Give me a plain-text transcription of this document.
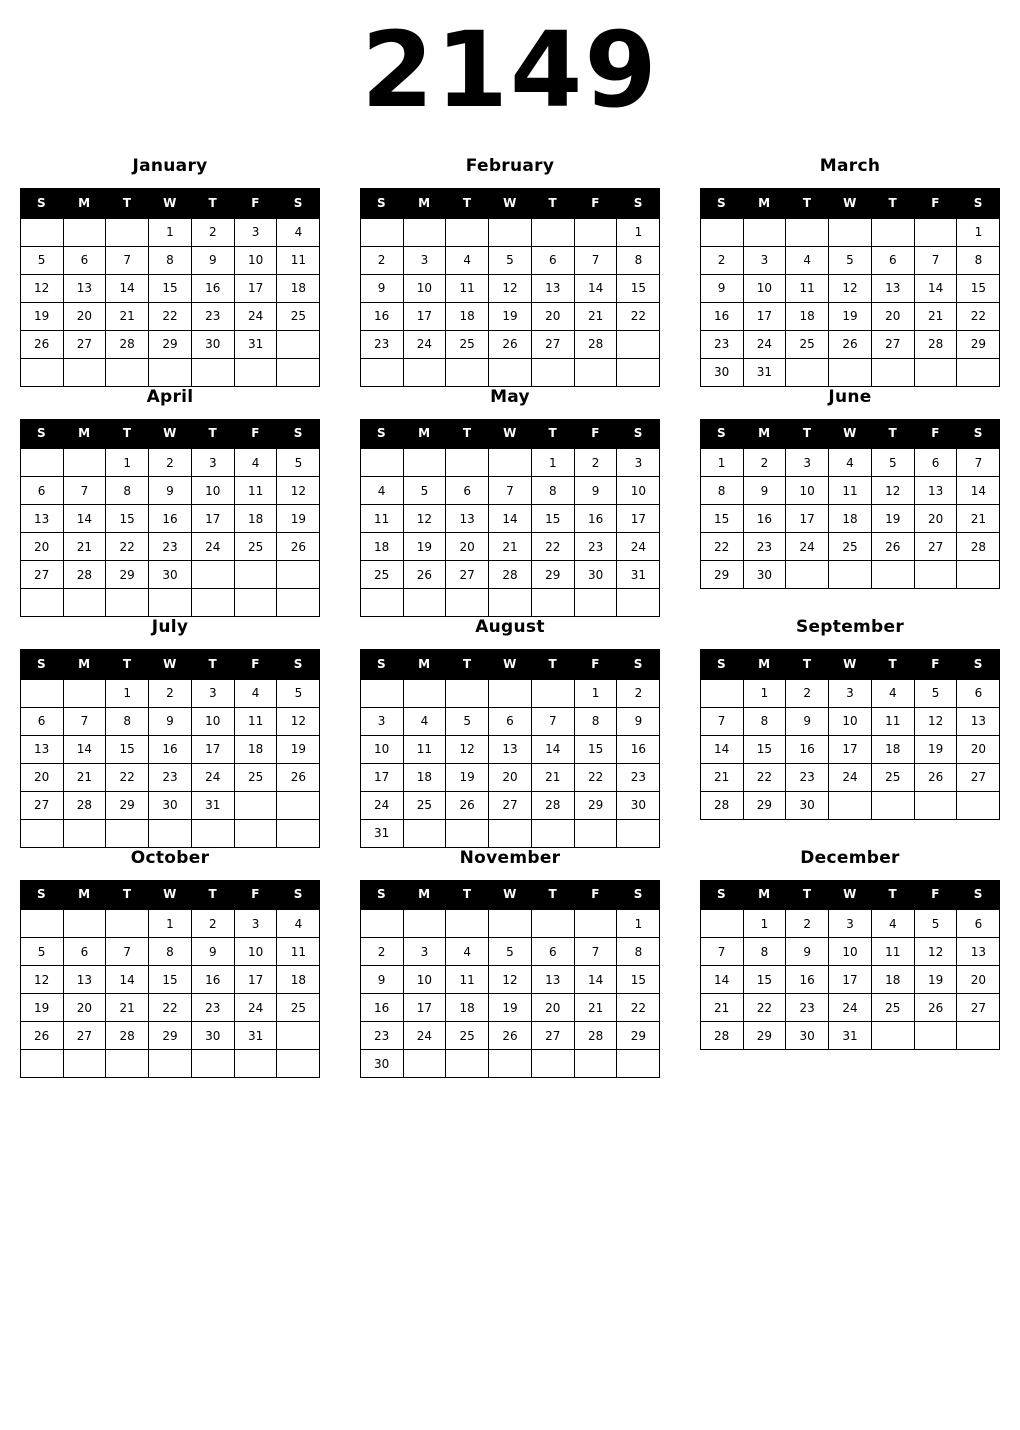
2149
January
S	M	T	W	T	F	S
			1	2	3	4
5	6	7	8	9	10	11
12	13	14	15	16	17	18
19	20	21	22	23	24	25
26	27	28	29	30	31	

February
S	M	T	W	T	F	S
						1
2	3	4	5	6	7	8
9	10	11	12	13	14	15
16	17	18	19	20	21	22
23	24	25	26	27	28	

March
S	M	T	W	T	F	S
						1
2	3	4	5	6	7	8
9	10	11	12	13	14	15
16	17	18	19	20	21	22
23	24	25	26	27	28	29
30	31					
April
S	M	T	W	T	F	S
		1	2	3	4	5
6	7	8	9	10	11	12
13	14	15	16	17	18	19
20	21	22	23	24	25	26
27	28	29	30			

May
S	M	T	W	T	F	S
				1	2	3
4	5	6	7	8	9	10
11	12	13	14	15	16	17
18	19	20	21	22	23	24
25	26	27	28	29	30	31

June
S	M	T	W	T	F	S
1	2	3	4	5	6	7
8	9	10	11	12	13	14
15	16	17	18	19	20	21
22	23	24	25	26	27	28
29	30					
July
S	M	T	W	T	F	S
		1	2	3	4	5
6	7	8	9	10	11	12
13	14	15	16	17	18	19
20	21	22	23	24	25	26
27	28	29	30	31		

August
S	M	T	W	T	F	S
					1	2
3	4	5	6	7	8	9
10	11	12	13	14	15	16
17	18	19	20	21	22	23
24	25	26	27	28	29	30
31						
September
S	M	T	W	T	F	S
	1	2	3	4	5	6
7	8	9	10	11	12	13
14	15	16	17	18	19	20
21	22	23	24	25	26	27
28	29	30				
October
S	M	T	W	T	F	S
			1	2	3	4
5	6	7	8	9	10	11
12	13	14	15	16	17	18
19	20	21	22	23	24	25
26	27	28	29	30	31	

November
S	M	T	W	T	F	S
						1
2	3	4	5	6	7	8
9	10	11	12	13	14	15
16	17	18	19	20	21	22
23	24	25	26	27	28	29
30						
December
S	M	T	W	T	F	S
	1	2	3	4	5	6
7	8	9	10	11	12	13
14	15	16	17	18	19	20
21	22	23	24	25	26	27
28	29	30	31			
